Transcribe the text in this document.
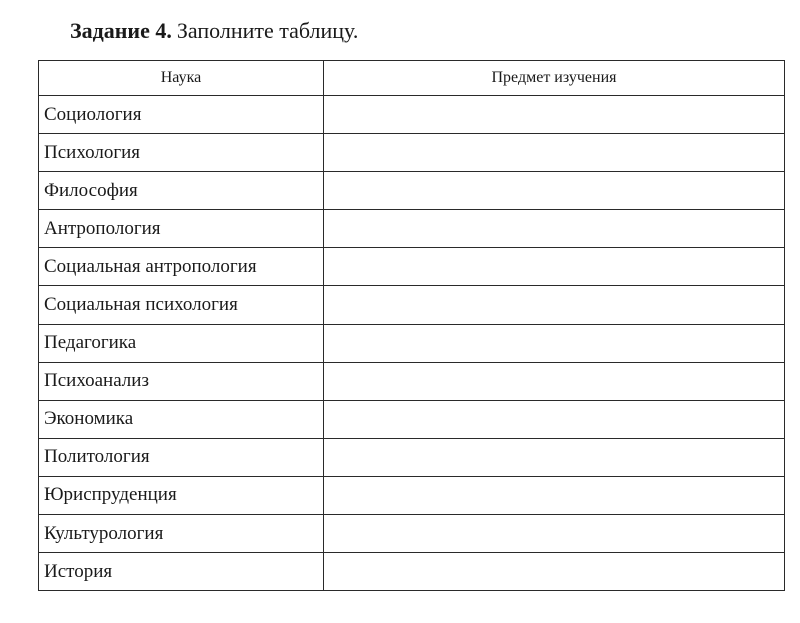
Задание 4. Заполните таблицу.
Наука	Предмет изучения
Социология	
Психология	
Философия	
Антропология	
Социальная антропология	
Социальная психология	
Педагогика	
Психоанализ	
Экономика	
Политология	
Юриспруденция	
Культурология	
История	
